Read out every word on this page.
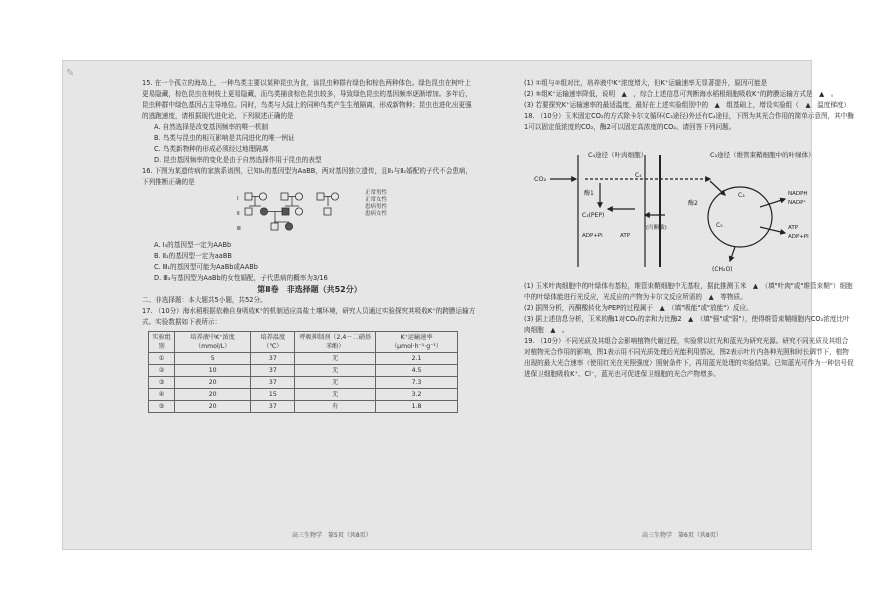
✎

15. 在一个孤立的海岛上，一种鸟类主要以某种昆虫为食，该昆虫种群有绿色和棕色两种体色。绿色昆虫在树叶上更易隐藏，棕色昆虫在树枝上更易隐藏，而鸟类捕食棕色昆虫较多，导致绿色昆虫的基因频率逐渐增加。多年后，昆虫种群中绿色基因占主导地位。同时，鸟类与大陆上的同种鸟类产生生殖隔离，形成新物种；昆虫也进化出更强的逃跑速度，请根据现代进化论，下列叙述正确的是

A. 自然选择是改变基因频率的唯一机制

B. 鸟类与昆虫的相互影响是共同进化的唯一例证

C. 鸟类新物种的形成必须经过地理隔离

D. 昆虫基因频率的变化是由于自然选择作用于昆虫的表型

16. 下图为某遗传病的家族系谱图，已知Ⅰ₁的基因型为AaBB，两对基因独立遗传，且Ⅱ₁与Ⅱ₂婚配的子代不会患病，下列推断正确的是

Ⅰ
Ⅱ
Ⅲ
正常男性
正常女性
患病男性
患病女性

A. Ⅰ₃的基因型一定为AABb

B. Ⅱ₂的基因型一定为aaBB

C. Ⅲ₁的基因型可能为AaBb或AABb

D. Ⅲ₂与基因型为AaBb的女性婚配，子代患病的概率为3/16

第Ⅱ卷　非选择题（共52分）

二、非选择题：本大题共5小题，共52分。

17. （10分）海水稻根据依赖自身吸收K⁺的机制适应高盐土壤环境，研究人员通过实验探究其吸收K⁺的跨膜运输方式。实验数据如下表所示：

实验组别	培养液中K⁺浓度（mmol/L）	培养温度（℃）	呼吸抑制剂（2,4－二硝基苯酚）	K⁺运输速率（μmol·h⁻¹·g⁻¹）
①	5	37	无	2.1
②	10	37	无	4.5
③	20	37	无	7.3
④	20	15	无	3.2
⑤	20	37	有	1.8

(1) ①组与②组对比，培养液中K⁺浓度增大，但K⁺运输速率无显著提升，原因可能是

(2) ⑤组K⁺运输速率降低，说明　▲　，综合上述信息可判断海水稻根细胞吸收K⁺的跨膜运输方式是　▲　。

(3) 若要探究K⁺运输速率的最适温度，最好在上述实验组别中的　▲　组基础上，增设实验组（　▲　温度梯度）

18. （10分）玉米固定CO₂的方式除卡尔文循环(C₃途径)外还有C₄途径，下图为其光合作用的简单示意图，其中酶1可以固定低浓度的CO₂，酶2可以固定高浓度的CO₂。请回答下列问题。

C₄途径（叶肉细胞）	C₃途径（维管束鞘细胞中的叶绿体）
CO₂
酶1
C₄
C₃(PEP)
(丙酮酸)
ADP+Pi	ATP
酶2
C₃
C₅
NADPH
NADP⁺
ATP
ADP+Pi
(CH₂O)

(1) 玉米叶肉细胞中的叶绿体有基粒，维管束鞘细胞中无基粒，据此推测玉米　▲　（填"叶肉"或"维管束鞘"）细胞中的叶绿体能进行光反应，光反应的产物为卡尔文反应所需的　▲　等物质。

(2) 据图分析，丙酮酸转化为PEP的过程属于　▲　（填"吸能"或"放能"）反应。

(3) 据上述信息分析，玉米的酶1对CO₂的亲和力比酶2　▲　（填"强"或"弱"），使得维管束鞘细胞内CO₂浓度比叶肉细胞　▲　。

19. （10分）不同光质及其组合会影响植物代谢过程，实验常以红光和蓝光为研究光源。研究不同光质及其组合对植物光合作用的影响，图1表示用不同光质处理后光能利用情况，图2表示叶片内各种光照和时长调节下，植物出现的最大光合速率（使用红光在光照强度）照射条件下，再用蓝光处理的实验结果。已知蓝光可作为一种信号促进保卫细胞吸收K⁺、Cl⁻，蓝光也可促进保卫细胞的光合产物增多。

高三生物学　第5页（共8页）	高三生物学　第6页（共8页）
